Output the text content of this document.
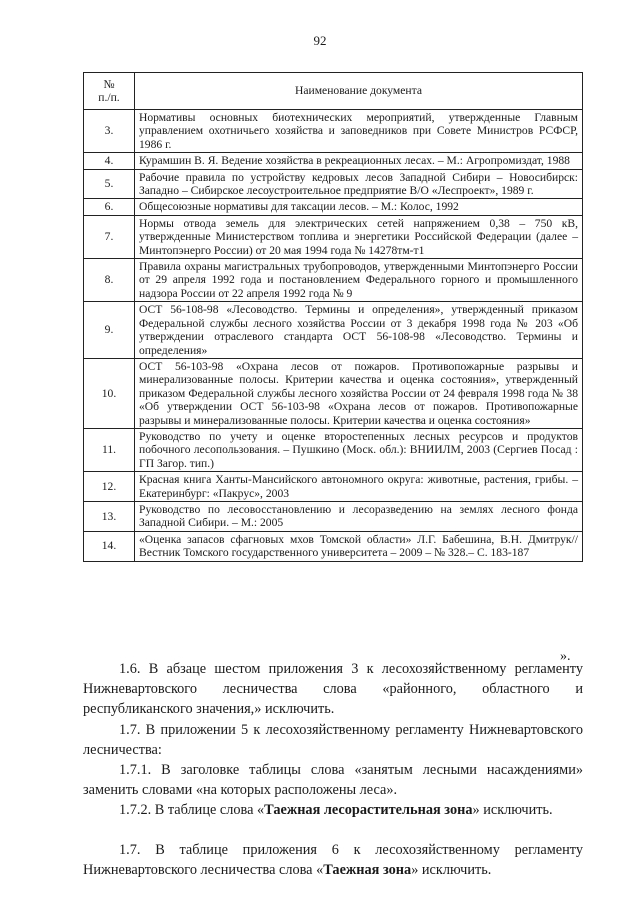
92
№
п./п.	Наименование документа
3.	Нормативы основных биотехнических мероприятий, утвержденные Главным управлением охотничьего хозяйства и заповедников при Совете Министров РСФСР, 1986 г.
4.	Курамшин В. Я. Ведение хозяйства в рекреационных лесах. – М.: Агропромиздат, 1988
5.	Рабочие правила по устройству кедровых лесов Западной Сибири – Новосибирск: Западно – Сибирское лесоустроительное предприятие В/О «Леспроект», 1989 г.
6.	Общесоюзные нормативы для таксации лесов. – М.: Колос, 1992
7.	Нормы отвода земель для электрических сетей напряжением 0,38 – 750 кВ, утвержденные Министерством топлива и энергетики Российской Федерации (далее – Минтопэнерго России) от 20 мая 1994 года № 14278тм-т1
8.	Правила охраны магистральных трубопроводов, утвержденными Минтопэнерго России от 29 апреля 1992 года и постановлением Федерального горного и промышленного надзора России от 22 апреля 1992 года № 9
9.	ОСТ 56-108-98 «Лесоводство. Термины и определения», утвержденный приказом Федеральной службы лесного хозяйства России от 3 декабря 1998 года № 203 «Об утверждении отраслевого стандарта ОСТ 56-108-98 «Лесоводство. Термины и определения»
10.	ОСТ 56-103-98 «Охрана лесов от пожаров. Противопожарные разрывы и минерализованные полосы. Критерии качества и оценка состояния», утвержденный приказом Федеральной службы лесного хозяйства России от 24 февраля 1998 года № 38 «Об утверждении ОСТ 56-103-98 «Охрана лесов от пожаров. Противопожарные разрывы и минерализованные полосы. Критерии качества и оценка состояния»
11.	Руководство по учету и оценке второстепенных лесных ресурсов и продуктов побочного лесопользования. – Пушкино (Моск. обл.): ВНИИЛМ, 2003 (Сергиев Посад : ГП Загор. тип.)
12.	Красная книга Ханты-Мансийского автономного округа: животные, растения, грибы. – Екатеринбург: «Пакрус», 2003
13.	Руководство по лесовосстановлению и лесоразведению на землях лесного фонда Западной Сибири. – М.: 2005
14.	«Оценка запасов сфагновых мхов Томской области» Л.Г. Бабешина, В.Н. Дмитрук// Вестник Томского государственного университета – 2009 – № 328.– С. 183-187
».

1.6. В абзаце шестом приложения 3 к лесохозяйственному регламенту Нижневартовского лесничества слова «районного, областного и республиканского значения,» исключить.

1.7. В приложении 5 к лесохозяйственному регламенту Нижневартовского лесничества:

1.7.1. В заголовке таблицы слова «занятым лесными насаждениями» заменить словами «на которых расположены леса».

1.7.2. В таблице слова «Таежная лесорастительная зона» исключить.

1.7. В таблице приложения 6 к лесохозяйственному регламенту Нижневартовского лесничества слова «Таежная зона» исключить.
